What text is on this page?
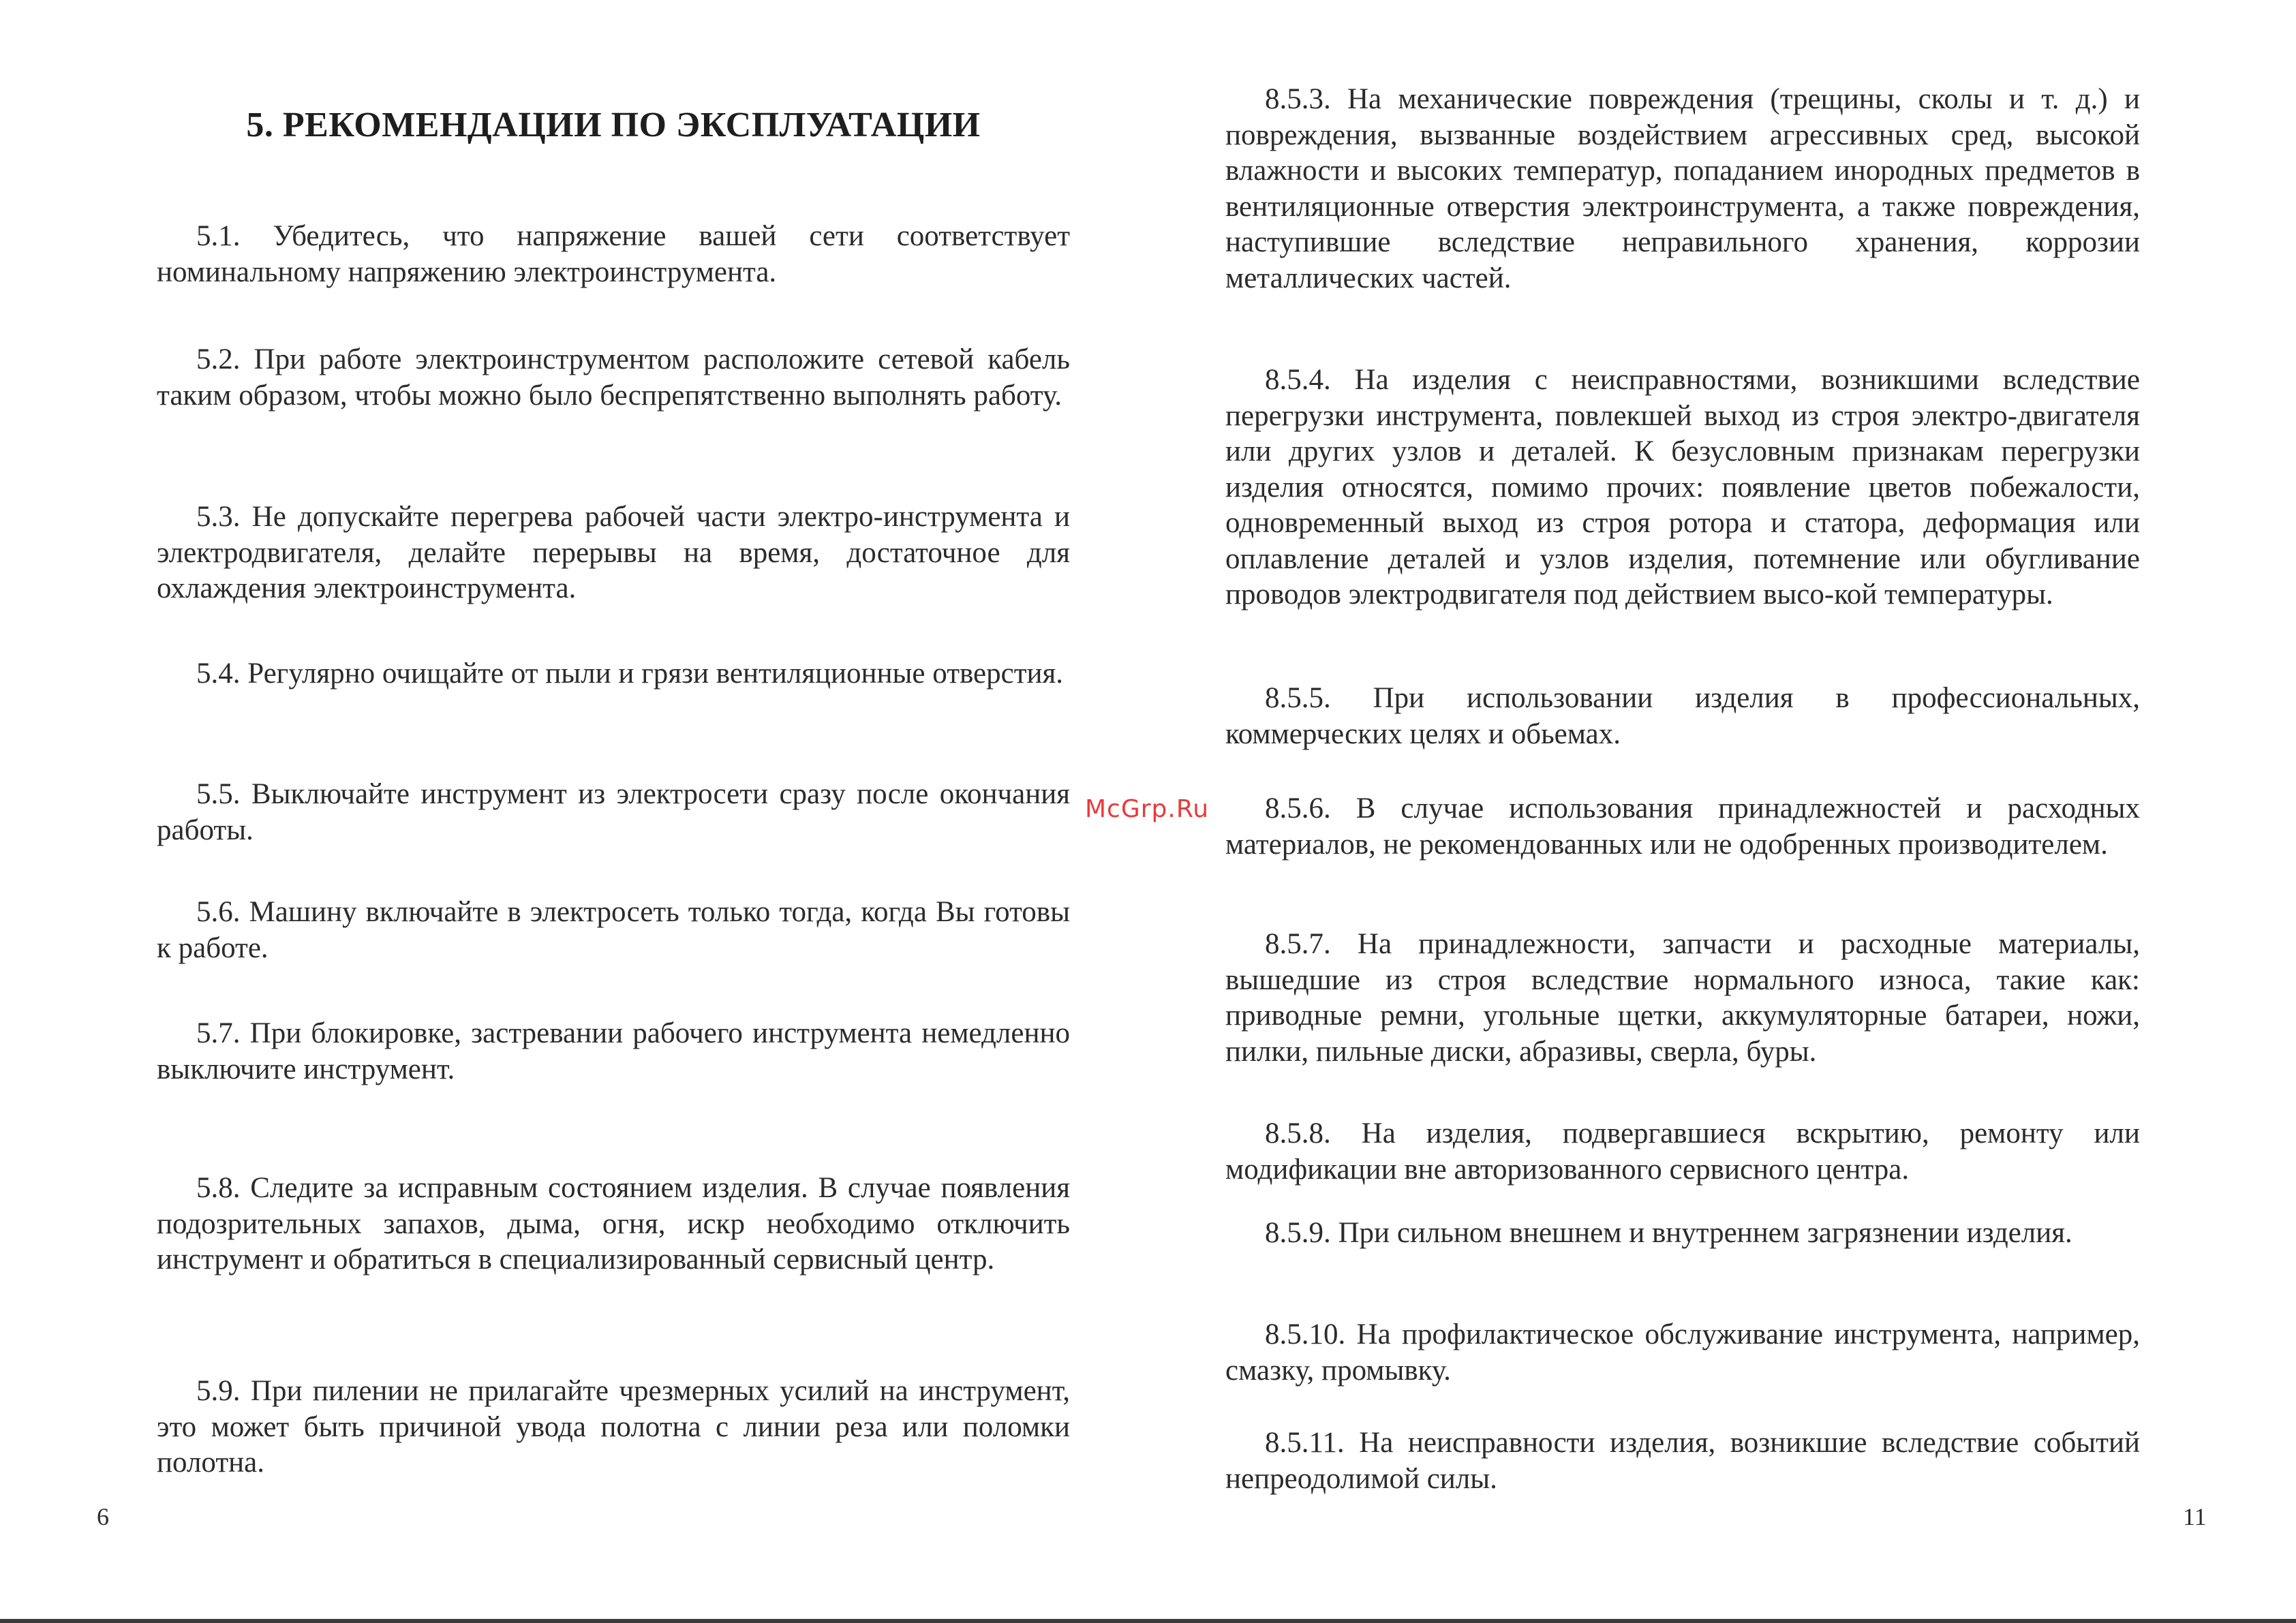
5. РЕКОМЕНДАЦИИ ПО ЭКСПЛУАТАЦИИ

5.1. Убедитесь, что напряжение вашей сети соответствует номинальному напряжению электроинструмента.

5.2. При работе электроинструментом расположите сетевой кабель таким образом, чтобы можно было беспрепятственно выполнять работу.

5.3. Не допускайте перегрева рабочей части электро-инструмента и электродвигателя, делайте перерывы на время, достаточное для охлаждения электроинструмента.

5.4. Регулярно очищайте от пыли и грязи вентиляционные отверстия.

5.5. Выключайте инструмент из электросети сразу после окончания работы.

5.6. Машину включайте в электросеть только тогда, когда Вы готовы к работе.

5.7. При блокировке, застревании рабочего инструмента немедленно выключите инструмент.

5.8. Следите за исправным состоянием изделия. В случае появления подозрительных запахов, дыма, огня, искр необходимо отключить инструмент и обратиться в специализированный сервисный центр.

5.9. При пилении не прилагайте чрезмерных усилий на инструмент, это может быть причиной увода полотна с линии реза или поломки полотна.

6

8.5.3. На механические повреждения (трещины, сколы и т. д.) и повреждения, вызванные воздействием агрессивных сред, высокой влажности и высоких температур, попаданием инородных предметов в вентиляционные отверстия электроинструмента, а также повреждения, наступившие вследствие неправильного хранения, коррозии металлических частей.

8.5.4. На изделия с неисправностями, возникшими вследствие перегрузки инструмента, повлекшей выход из строя электро-двигателя или других узлов и деталей. К безусловным признакам перегрузки изделия относятся, помимо прочих: появление цветов побежалости, одновременный выход из строя ротора и статора, деформация или оплавление деталей и узлов изделия, потемнение или обугливание проводов электродвигателя под действием высо-кой температуры.

8.5.5. При использовании изделия в профессиональных, коммерческих целях и обьемах.

8.5.6. В случае использования принадлежностей и расходных материалов, не рекомендованных или не одобренных производителем.

8.5.7. На принадлежности, запчасти и расходные материалы, вышедшие из строя вследствие нормального износа, такие как: приводные ремни, угольные щетки, аккумуляторные батареи, ножи, пилки, пильные диски, абразивы, сверла, буры.

8.5.8. На изделия, подвергавшиеся вскрытию, ремонту или модификации вне авторизованного сервисного центра.

8.5.9. При сильном внешнем и внутреннем загрязнении изделия.

8.5.10. На профилактическое обслуживание инструмента, например, смазку, промывку.

8.5.11. На неисправности изделия, возникшие вследствие событий непреодолимой силы.

11
McGrp.Ru
